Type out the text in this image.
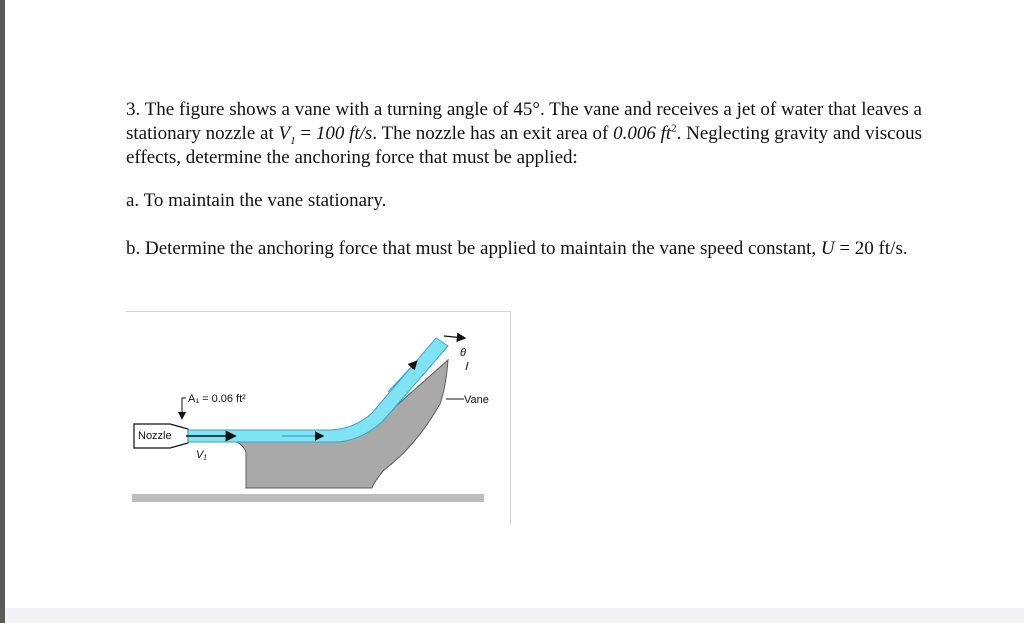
3. The figure shows a vane with a turning angle of 45°. The vane and receives a jet of water that leaves a stationary nozzle at $V_1 = 100$ ft/s. The nozzle has an exit area of 0.006 $ft^2$. Neglecting gravity and viscous effects, determine the anchoring force that must be applied:

a. To maintain the vane stationary.

b. Determine the anchoring force that must be applied to maintain the vane speed constant, U = 20 ft/s.

Nozzle
θ
A₁ = 0.06 ft²	Vane
V₁
